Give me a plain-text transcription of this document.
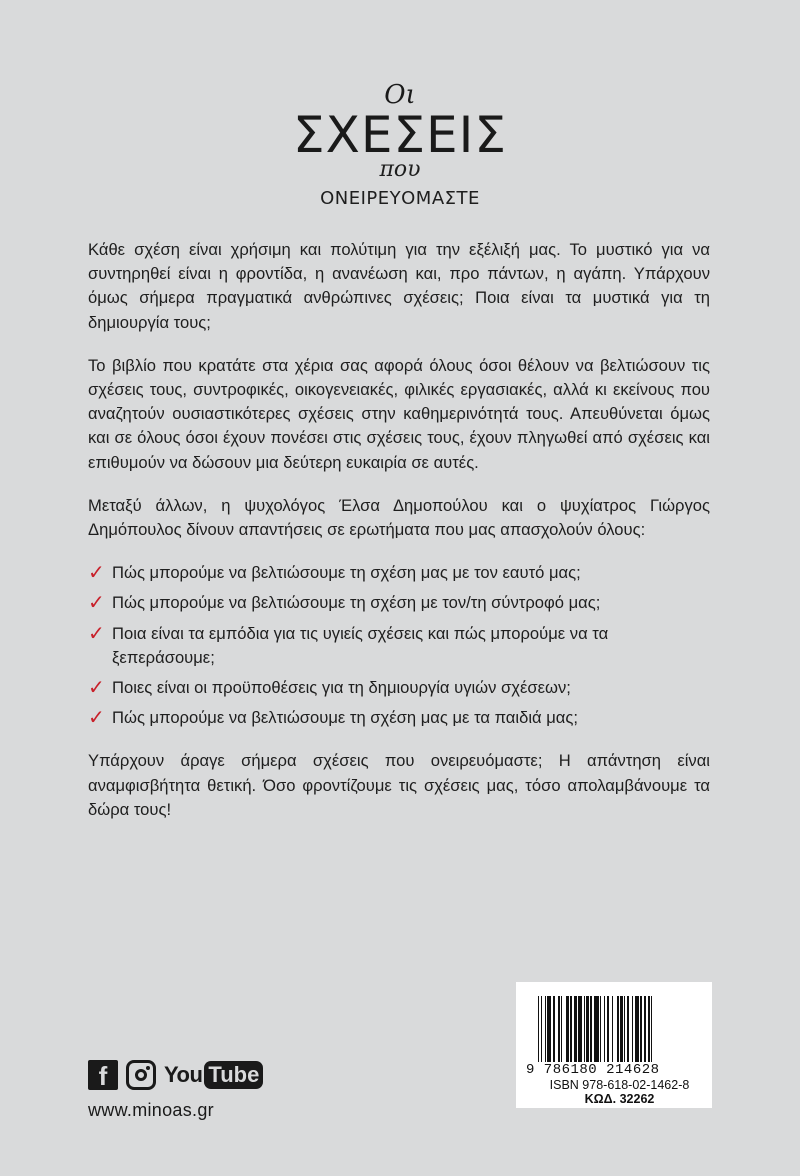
Οι
ΣΧΕΣΕΙΣ
που
ΟΝΕΙΡΕΥΟΜΑΣΤΕ

Κάθε σχέση είναι χρήσιμη και πολύτιμη για την εξέλιξή μας. Το μυστικό για να συντηρηθεί είναι η φροντίδα, η ανανέωση και, προ πάντων, η αγάπη. Υπάρχουν όμως σήμερα πραγματικά ανθρώπινες σχέσεις; Ποια είναι τα μυστικά για τη δημιουργία τους;

Το βιβλίο που κρατάτε στα χέρια σας αφορά όλους όσοι θέλουν να βελτιώσουν τις σχέσεις τους, συντροφικές, οικογενειακές, φιλικές εργασιακές, αλλά κι εκείνους που αναζητούν ουσιαστικότερες σχέσεις στην καθημερινότητά τους. Απευθύνεται όμως και σε όλους όσοι έχουν πονέσει στις σχέσεις τους, έχουν πληγωθεί από σχέσεις και επιθυμούν να δώσουν μια δεύτερη ευκαιρία σε αυτές.

Μεταξύ άλλων, η ψυχολόγος Έλσα Δημοπούλου και ο ψυχίατρος Γιώργος Δημόπουλος δίνουν απαντήσεις σε ερωτήματα που μας απασχολούν όλους:

✓ Πώς μπορούμε να βελτιώσουμε τη σχέση μας με τον εαυτό μας;
✓ Πώς μπορούμε να βελτιώσουμε τη σχέση με τον/τη σύντροφό μας;
✓ Ποια είναι τα εμπόδια για τις υγιείς σχέσεις και πώς μπορούμε να τα ξεπεράσουμε;
✓ Ποιες είναι οι προϋποθέσεις για τη δημιουργία υγιών σχέσεων;
✓ Πώς μπορούμε να βελτιώσουμε τη σχέση μας με τα παιδιά μας;

Υπάρχουν άραγε σήμερα σχέσεις που ονειρευόμαστε; Η απάντηση είναι αναμφισβήτητα θετική. Όσο φροντίζουμε τις σχέσεις μας, τόσο απολαμβάνουμε τα δώρα τους!

f	You Tube
www.minoas.gr
9 786180 214628
ISBN 978-618-02-1462-8
ΚΩΔ. 32262
